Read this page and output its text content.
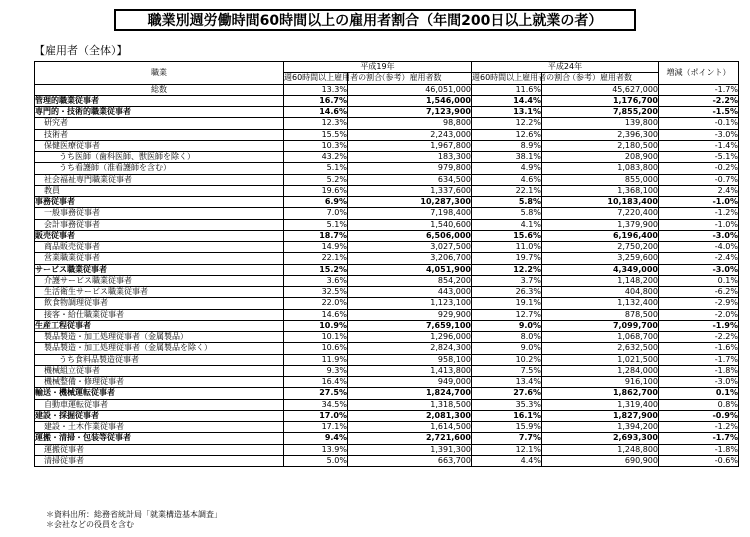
職業別週労働時間60時間以上の雇用者割合（年間200日以上就業の者）
【雇用者（全体）】
職業	平成19年		平成24年		増減（ポイント）
	週60時間以上雇用者の割合	（参考）雇用者数	週60時間以上雇用者の割合	（参考）雇用者数	
総数	13.3%	46,051,000	11.6%	45,627,000	-1.7%
管理的職業従事者	16.7%	1,546,000	14.4%	1,176,700	-2.2%
専門的・技術的職業従事者	14.6%	7,123,900	13.1%	7,855,200	-1.5%
研究者	12.3%	98,800	12.2%	139,800	-0.1%
技術者	15.5%	2,243,000	12.6%	2,396,300	-3.0%
保健医療従事者	10.3%	1,967,800	8.9%	2,180,500	-1.4%
うち医師（歯科医師、獣医師を除く）	43.2%	183,300	38.1%	208,900	-5.1%
うち看護師（准看護師を含む）	5.1%	979,800	4.9%	1,083,800	-0.2%
社会福祉専門職業従事者	5.2%	634,500	4.6%	855,000	-0.7%
教員	19.6%	1,337,600	22.1%	1,368,100	2.4%
事務従事者	6.9%	10,287,300	5.8%	10,183,400	-1.0%
一般事務従事者	7.0%	7,198,400	5.8%	7,220,400	-1.2%
会計事務従事者	5.1%	1,540,600	4.1%	1,379,900	-1.0%
販売従事者	18.7%	6,506,000	15.6%	6,196,400	-3.0%
商品販売従事者	14.9%	3,027,500	11.0%	2,750,200	-4.0%
営業職業従事者	22.1%	3,206,700	19.7%	3,259,600	-2.4%
サービス職業従事者	15.2%	4,051,900	12.2%	4,349,000	-3.0%
介護サービス職業従事者	3.6%	854,200	3.7%	1,148,200	0.1%
生活衛生サービス職業従事者	32.5%	443,000	26.3%	404,800	-6.2%
飲食物調理従事者	22.0%	1,123,100	19.1%	1,132,400	-2.9%
接客・給仕職業従事者	14.6%	929,900	12.7%	878,500	-2.0%
生産工程従事者	10.9%	7,659,100	9.0%	7,099,700	-1.9%
製品製造・加工処理従事者（金属製品）	10.1%	1,296,000	8.0%	1,068,700	-2.2%
製品製造・加工処理従事者（金属製品を除く）	10.6%	2,824,300	9.0%	2,632,500	-1.6%
うち食料品製造従事者	11.9%	958,100	10.2%	1,021,500	-1.7%
機械組立従事者	9.3%	1,413,800	7.5%	1,284,000	-1.8%
機械整備・修理従事者	16.4%	949,000	13.4%	916,100	-3.0%
輸送・機械運転従事者	27.5%	1,824,700	27.6%	1,862,700	0.1%
自動車運転従事者	34.5%	1,318,500	35.3%	1,319,400	0.8%
建設・採掘従事者	17.0%	2,081,300	16.1%	1,827,900	-0.9%
建設・土木作業従事者	17.1%	1,614,500	15.9%	1,394,200	-1.2%
運搬・清掃・包装等従事者	9.4%	2,721,600	7.7%	2,693,300	-1.7%
運搬従事者	13.9%	1,391,300	12.1%	1,248,800	-1.8%
清掃従事者	5.0%	663,700	4.4%	690,900	-0.6%
＊資料出所：総務省統計局「就業構造基本調査」
＊会社などの役員を含む
